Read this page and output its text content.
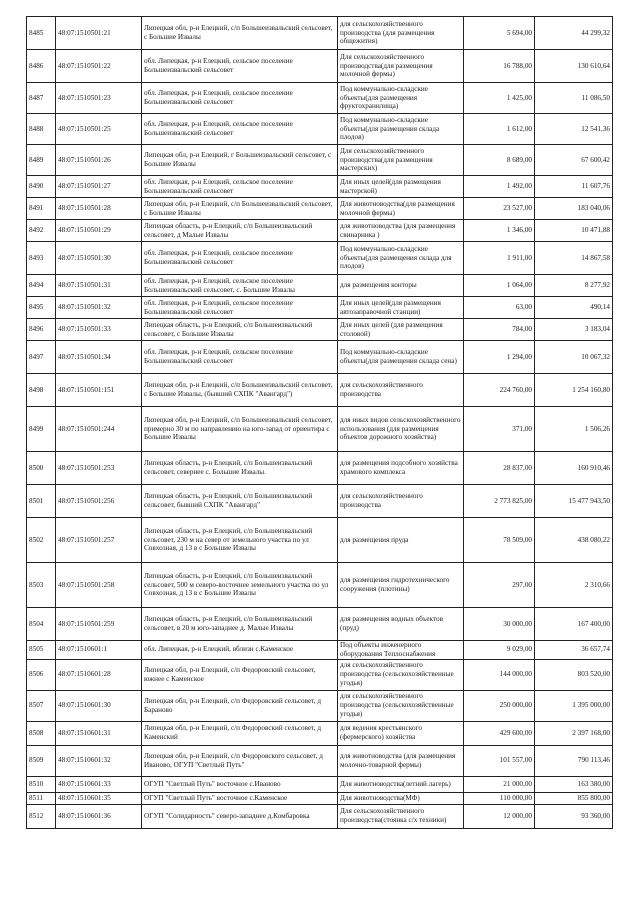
8485	48:07:1510501:21	Липецкая обл, р-н Елецкий, с/п Большеизвальский сельсовет, с Большие Извалы	для сельскохозяйственного производства (для размещения общежития)	5 694,00	44 299,32
8486	48:07:1510501:22	обл. Липецкая, р-н Елецкий, сельское поселение Большеизвальский сельсовет	Для сельскохозяйственного производства(для размещения молочной фермы)	16 788,00	130 610,64
8487	48:07:1510501:23	обл. Липецкая, р-н Елецкий, сельское поселение Большеизвальский сельсовет	Под коммунально-складские объекты(для размещения фруктохранилища)	1 425,00	11 086,50
8488	48:07:1510501:25	обл. Липецкая, р-н Елецкий, сельское поселение Большеизвальский сельсовет	Под коммунально-складские объекты(для размещения склада плодов)	1 612,00	12 541,36
8489	48:07:1510501:26	Липецкая обл, р-н Елецкий, г Большеизвальский сельсовет, с Большие Извалы	Для сельскохозяйственного производства(для размещения мастерских)	8 689,00	67 600,42
8490	48:07:1510501:27	обл. Липецкая, р-н Елецкий, сельское поселение Большеизвальский сельсовет	Для иных целей(для размещения мастерской)	1 492,00	11 607,76
8491	48:07:1510501:28	Липецкая обл, р-н Елецкий, с/п Большеизвальский сельсовет, с Большие Извалы	Для животноводства(для размещения молочной фермы)	23 527,00	183 040,06
8492	48:07:1510501:29	Липецкая область, р-н Елецкий, с/п Большеизвальский сельсовет, д Малые Извалы	для животноводства (для размещения свинарника )	1 346,00	10 471,88
8493	48:07:1510501:30	обл. Липецкая, р-н Елецкий, сельское поселение Большеизвальский сельсовет	Под коммунально-складские объекты(для размещения склада для плодов)	1 911,00	14 867,58
8494	48:07:1510501:31	обл. Липецкая, р-н Елецкий, сельское поселение Большеизвальский сельсовет, с. Большие Извалы	для размещения конторы	1 064,00	8 277,92
8495	48:07:1510501:32	обл. Липецкая, р-н Елецкий, сельское поселение Большеизвальский сельсовет	Для иных целей(для размещения автозаправочной станции)	63,00	490,14
8496	48:07:1510501:33	Липецкая область, р-н Елецкий, с/п Большеизвальский сельсовет, с Большие Извалы	Для иных целей (для размещения столовой)	784,00	3 183,04
8497	48:07:1510501:34	обл. Липецкая, р-н Елецкий, сельское поселение Большеизвальский сельсовет	Под коммунально-складские объекты(для размещения склада сена)	1 294,00	10 067,32
8498	48:07:1510501:151	Липецкая обл, р-н Елецкий, с/п Большеизвальский сельсовет, с Большие Извалы, (бывший СХПК "Авангард")	для сельскохозяйственного производства	224 760,00	1 254 160,80
8499	48:07:1510501:244	Липецкая обл, р-н Елецкий, с/п Большеизвальский сельсовет, примерно 30 м по направлению на юго-запад от ориентира с Большие Извалы	для иных видов сельскохозяйственного использования (для размещения объектов дорожного хозяйства)	371,00	1 506,26
8500	48:07:1510501:253	Липецкая область, р-н Елецкий, с/п Большеизвальский сельсовет, севернее с. Большие Извалы.	для размещения подсобного хозяйства храмового комплекса	28 837,00	160 910,46
8501	48:07:1510501:256	Липецкая область, р-н Елецкий, с/п Большеизвальский сельсовет, бывший СХПК "Авангард"	для сельскохозяйственного производства	2 773 825,00	15 477 943,50
8502	48:07:1510501:257	Липецкая область, р-н Елецкий, с/п Большеизвальский сельсовет, 230 м на север от земельного участка по ул Совхозная, д 13 в с Большие Извалы	для размещения пруда	78 509,00	438 080,22
8503	48:07:1510501:258	Липецкая область, р-н Елецкий, с/п Большеизвальский сельсовет, 500 м северо-восточнее земельного участка по ул Совхозная, д 13 в с Большие Извалы	для размещения гидротехнического сооружения (плотины)	297,00	2 310,66
8504	48:07:1510501:259	Липецкая область, р-н Елецкий, с/п Большеизвальский сельсовет, в 20 м юго-западнее д. Малые Извалы	для размещения водных объектов (пруд)	30 000,00	167 400,00
8505	48:07:1510601:1	обл. Липецкая, р-н Елецкий, вблизи с.Каменское	Под объекты инженерного оборудования Теплоснабжения	9 029,00	36 657,74
8506	48:07:1510601:28	Липецкая обл, р-н Елецкий, с/п Федоровский сельсовет, южнее с Каменское	для сельскохозяйственного производства (сельскохозяйственные угодья)	144 000,00	803 520,00
8507	48:07:1510601:30	Липецкая обл, р-н Елецкий, с/п Федоровский сельсовет, д Бараново	для сельскохозяйственного производства (сельскохозяйственные угодья)	250 000,00	1 395 000,00
8508	48:07:1510601:31	Липецкая обл, р-н Елецкий, с/п Федоровский сельсовет, д Каменский	для ведения крестьянского (фермерского) хозяйства	429 600,00	2 397 168,00
8509	48:07:1510601:32	Липецкая обл, р-н Елецкий, с/п Федоровского сельсовет, д Иваново, ОГУП "Светлый Путь"	для животноводства (для размещения молочно-товарной фермы)	101 557,00	790 113,46
8510	48:07:1510601:33	ОГУП "Светлый Путь" восточное с.Иваново	Для животноводства(летний лагерь)	21 000,00	163 380,00
8511	48:07:1510601:35	ОГУП "Светлый Путь" восточное с.Каменское	Для животноводства(МФ)	110 000,00	855 800,00
8512	48:07:1510601:36	ОГУП "Солидарность" северо-западнее д.Комбаровка	Для сельскохозяйственного производства(стоянка с/х техники)	12 000,00	93 360,00
